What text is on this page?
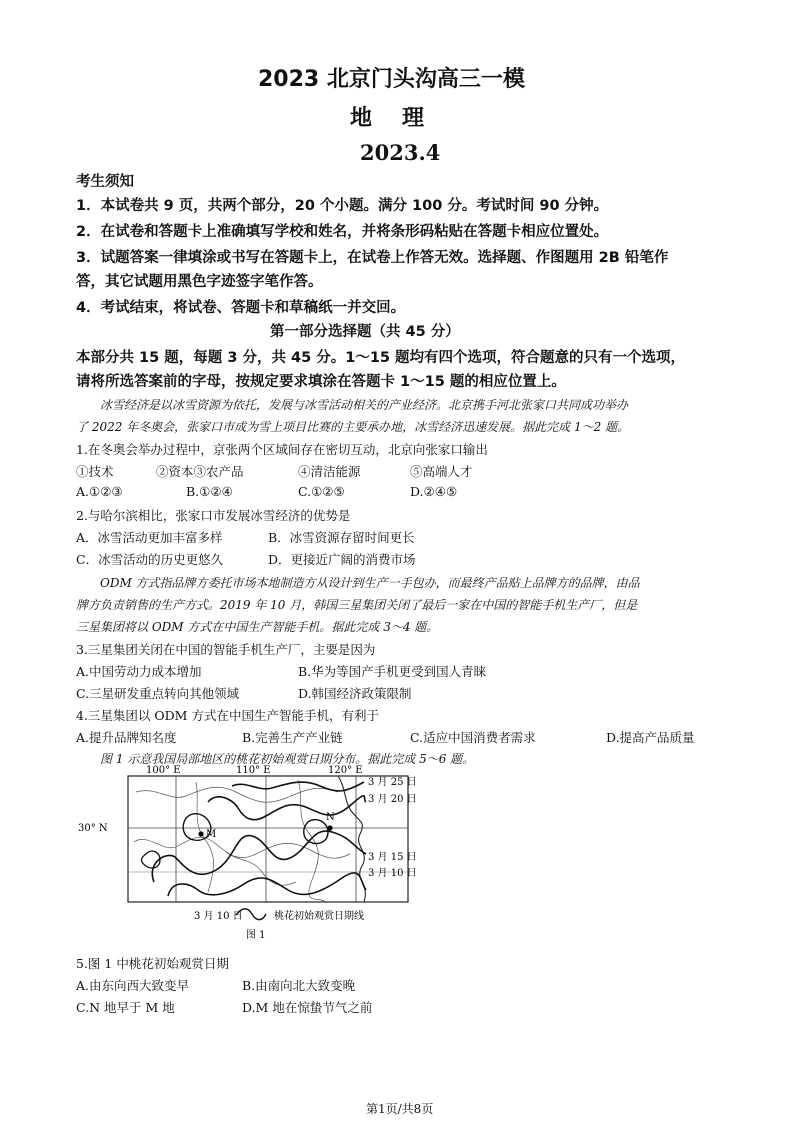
2023 北京门头沟高三一模
地理
2023.4
考生须知
1．本试卷共 9 页，共两个部分，20 个小题。满分 100 分。考试时间 90 分钟。
2．在试卷和答题卡上准确填写学校和姓名，并将条形码粘贴在答题卡相应位置处。
3．试题答案一律填涂或书写在答题卡上，在试卷上作答无效。选择题、作图题用 2B 铅笔作
答，其它试题用黑色字迹签字笔作答。
4．考试结束，将试卷、答题卡和草稿纸一并交回。
第一部分选择题（共 45 分）
本部分共 15 题，每题 3 分，共 45 分。1～15 题均有四个选项，符合题意的只有一个选项，
请将所选答案前的字母，按规定要求填涂在答题卡 1～15 题的相应位置上。
冰雪经济是以冰雪资源为依托，发展与冰雪活动相关的产业经济。北京携手河北张家口共同成功举办
了 2022 年冬奥会，张家口市成为雪上项目比赛的主要承办地，冰雪经济迅速发展。据此完成 1～2 题。
1.在冬奥会举办过程中，京张两个区域间存在密切互动，北京向张家口输出
①技术	②资本③农产品	④清洁能源	⑤高端人才
A.①②③	B.①②④	C.①②⑤	D.②④⑤
2.与哈尔滨相比，张家口市发展冰雪经济的优势是
A．冰雪活动更加丰富多样	B．冰雪资源存留时间更长
C．冰雪活动的历史更悠久	D．更接近广阔的消费市场
ODM 方式指品牌方委托市场本地制造方从设计到生产一手包办，而最终产品贴上品牌方的品牌，由品
牌方负责销售的生产方式。2019 年 10 月，韩国三星集团关闭了最后一家在中国的智能手机生产厂，但是
三星集团将以 ODM 方式在中国生产智能手机。据此完成 3～4 题。
3.三星集团关闭在中国的智能手机生产厂，主要是因为
A.中国劳动力成本增加	B.华为等国产手机更受到国人青睐
C.三星研发重点转向其他领域	D.韩国经济政策限制
4.三星集团以 ODM 方式在中国生产智能手机，有利于
A.提升品牌知名度	B.完善生产产业链	C.适应中国消费者需求	D.提高产品质量
图 1 示意我国局部地区的桃花初始观赏日期分布。据此完成 5～6 题。
M
N
100° E	110° E	120° E
30° N
3 月 25 日
3 月 20 日
3 月 15 日
3 月 10 日
3 月 10 日	桃花初始观赏日期线
图 1
5.图 1 中桃花初始观赏日期
A.由东向西大致变早	B.由南向北大致变晚
C.N 地早于 M 地	D.M 地在惊蛰节气之前
第1页/共8页
